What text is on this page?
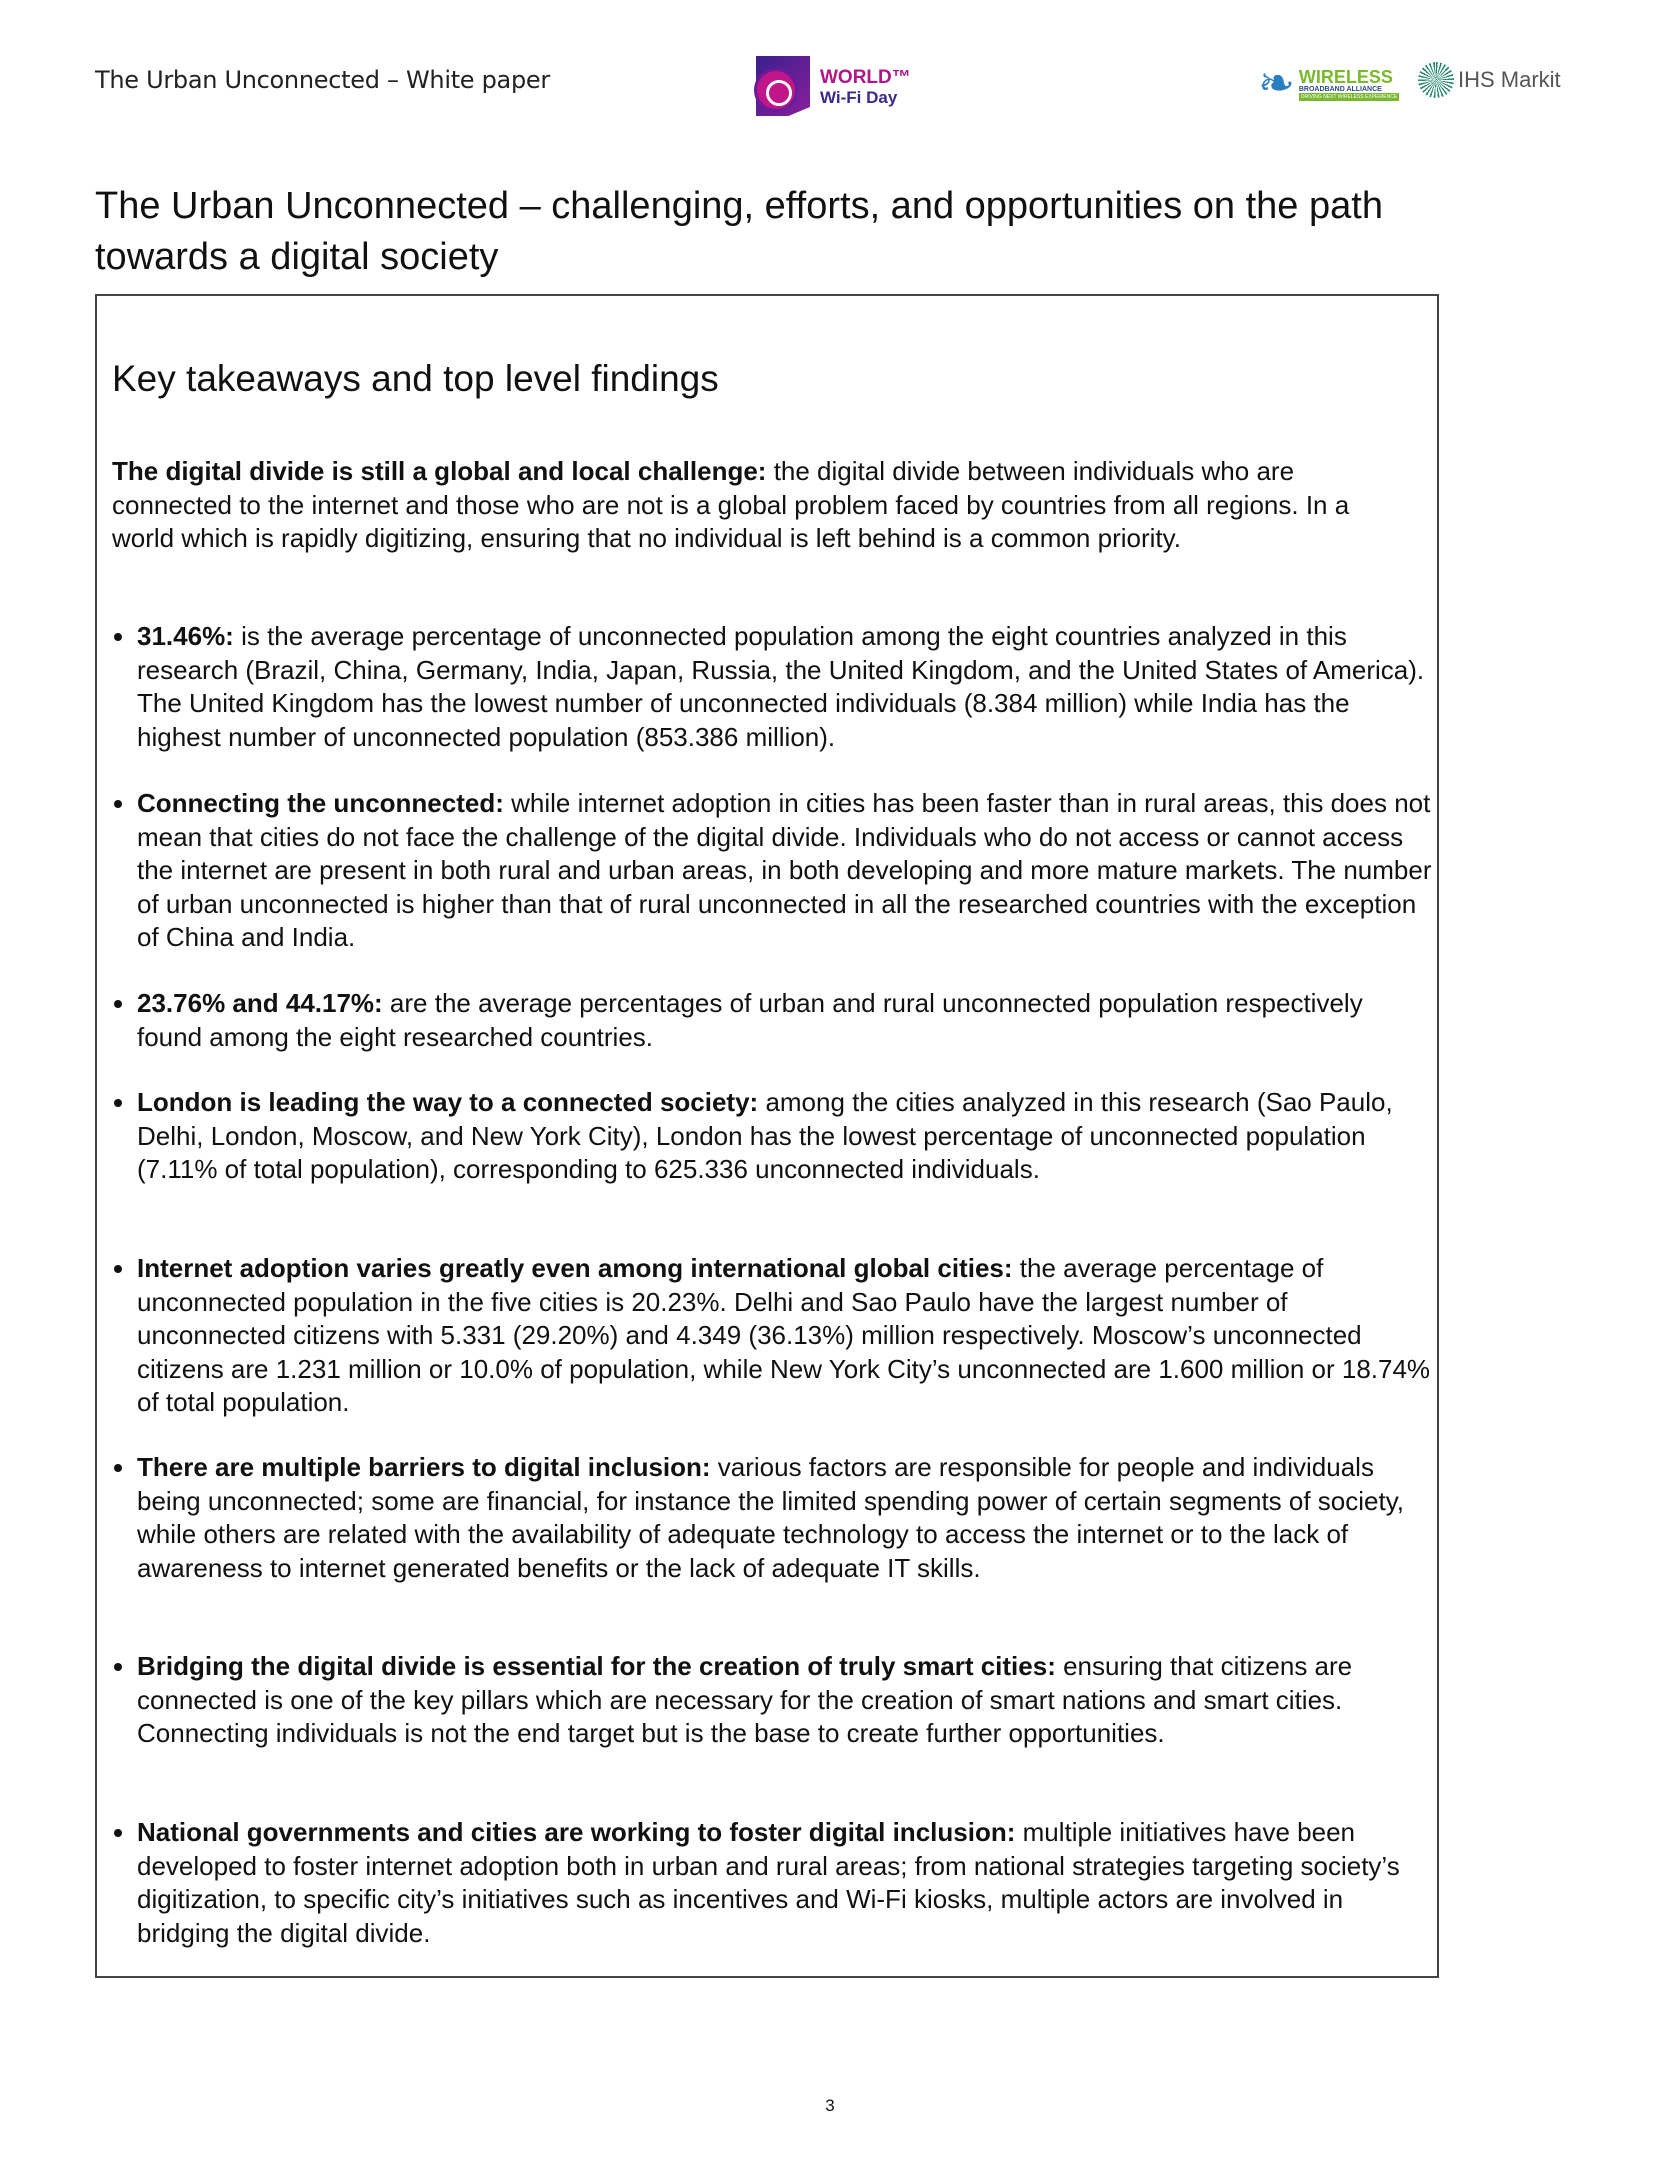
The Urban Unconnected – White paper	WORLD™
Wi-Fi Day	❧ WIRELESS
BROADBAND ALLIANCE
DRIVING NEXT WIRELESS EXPERIENCE
IHS Markit
The Urban Unconnected – challenging, efforts, and opportunities on the path towards a digital society
Key takeaways and top level findings

The digital divide is still a global and local challenge: the digital divide between individuals who are connected to the internet and those who are not is a global problem faced by countries from all regions. In a world which is rapidly digitizing, ensuring that no individual is left behind is a common priority.

31.46%: is the average percentage of unconnected population among the eight countries analyzed in this research (Brazil, China, Germany, India, Japan, Russia, the United Kingdom, and the United States of America). The United Kingdom has the lowest number of unconnected individuals (8.384 million) while India has the highest number of unconnected population (853.386 million).
Connecting the unconnected: while internet adoption in cities has been faster than in rural areas, this does not mean that cities do not face the challenge of the digital divide. Individuals who do not access or cannot access the internet are present in both rural and urban areas, in both developing and more mature markets. The number of urban unconnected is higher than that of rural unconnected in all the researched countries with the exception of China and India.
23.76% and 44.17%: are the average percentages of urban and rural unconnected population respectively found among the eight researched countries.
London is leading the way to a connected society: among the cities analyzed in this research (Sao Paulo, Delhi, London, Moscow, and New York City), London has the lowest percentage of unconnected population (7.11% of total population), corresponding to 625.336 unconnected individuals.
Internet adoption varies greatly even among international global cities: the average percentage of unconnected population in the five cities is 20.23%. Delhi and Sao Paulo have the largest number of unconnected citizens with 5.331 (29.20%) and 4.349 (36.13%) million respectively. Moscow’s unconnected citizens are 1.231 million or 10.0% of population, while New York City’s unconnected are 1.600 million or 18.74% of total population.
There are multiple barriers to digital inclusion: various factors are responsible for people and individuals being unconnected; some are financial, for instance the limited spending power of certain segments of society, while others are related with the availability of adequate technology to access the internet or to the lack of awareness to internet generated benefits or the lack of adequate IT skills.
Bridging the digital divide is essential for the creation of truly smart cities: ensuring that citizens are connected is one of the key pillars which are necessary for the creation of smart nations and smart cities. Connecting individuals is not the end target but is the base to create further opportunities.
National governments and cities are working to foster digital inclusion: multiple initiatives have been developed to foster internet adoption both in urban and rural areas; from national strategies targeting society’s digitization, to specific city’s initiatives such as incentives and Wi-Fi kiosks, multiple actors are involved in bridging the digital divide.
3
